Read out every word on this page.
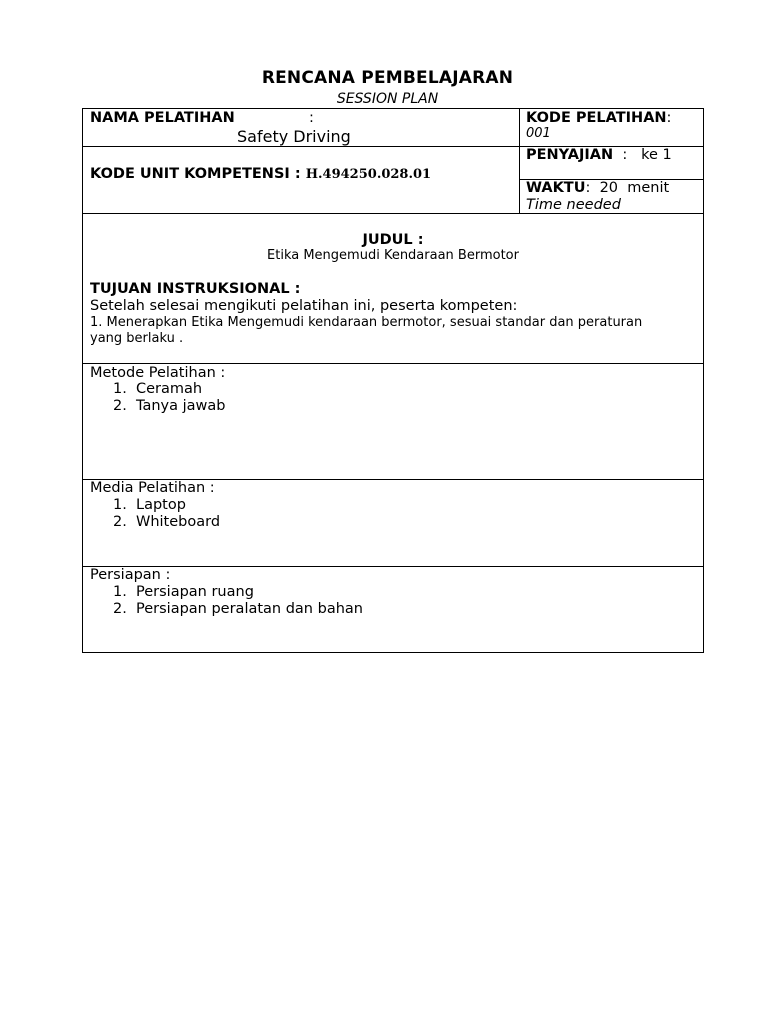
RENCANA PEMBELAJARAN
SESSION PLAN
NAMA PELATIHAN	:
Safety Driving
KODE PELATIHAN:
001
KODE UNIT KOMPETENSI : H.494250.028.01
PENYAJIAN : ke 1
WAKTU: 20 menit
Time needed
JUDUL :
Etika Mengemudi Kendaraan Bermotor
TUJUAN INSTRUKSIONAL :
Setelah selesai mengikuti pelatihan ini, peserta kompeten:
1. Menerapkan Etika Mengemudi kendaraan bermotor, sesuai standar dan peraturan
yang berlaku .
Metode Pelatihan :
1. Ceramah
2. Tanya jawab
Media Pelatihan :
1. Laptop
2. Whiteboard
Persiapan :
1. Persiapan ruang
2. Persiapan peralatan dan bahan
